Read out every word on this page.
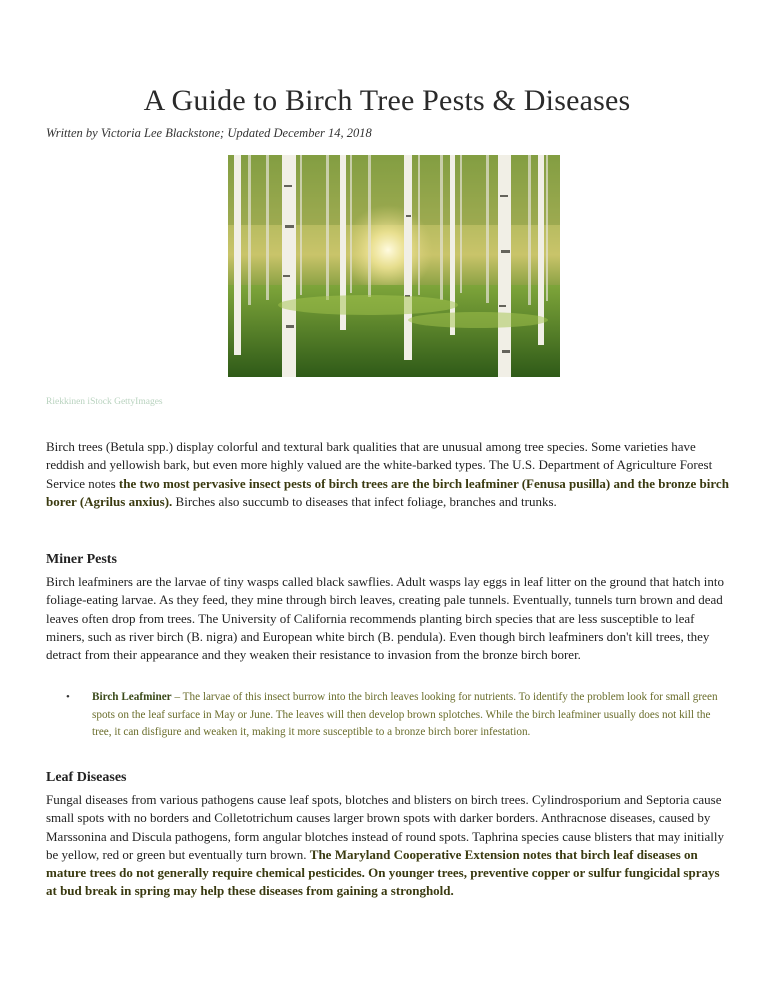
A Guide to Birch Tree Pests & Diseases
Written by Victoria Lee Blackstone; Updated December 14, 2018
Riekkinen iStock GettyImages

Birch trees (Betula spp.) display colorful and textural bark qualities that are unusual among tree species. Some varieties have reddish and yellowish bark, but even more highly valued are the white-barked types. The U.S. Department of Agriculture Forest Service notes the two most pervasive insect pests of birch trees are the birch leafminer (Fenusa pusilla) and the bronze birch borer (Agrilus anxius). Birches also succumb to diseases that infect foliage, branches and trunks.

Miner Pests

Birch leafminers are the larvae of tiny wasps called black sawflies. Adult wasps lay eggs in leaf litter on the ground that hatch into foliage-eating larvae. As they feed, they mine through birch leaves, creating pale tunnels. Eventually, tunnels turn brown and dead leaves often drop from trees. The University of California recommends planting birch species that are less susceptible to leaf miners, such as river birch (B. nigra) and European white birch (B. pendula). Even though birch leafminers don't kill trees, they detract from their appearance and they weaken their resistance to invasion from the bronze birch borer.

• Birch Leafminer – The larvae of this insect burrow into the birch leaves looking for nutrients. To identify the problem look for small green spots on the leaf surface in May or June. The leaves will then develop brown splotches. While the birch leafminer usually does not kill the tree, it can disfigure and weaken it, making it more susceptible to a bronze birch borer infestation.
Leaf Diseases

Fungal diseases from various pathogens cause leaf spots, blotches and blisters on birch trees. Cylindrosporium and Septoria cause small spots with no borders and Colletotrichum causes larger brown spots with darker borders. Anthracnose diseases, caused by Marssonina and Discula pathogens, form angular blotches instead of round spots. Taphrina species cause blisters that may initially be yellow, red or green but eventually turn brown. The Maryland Cooperative Extension notes that birch leaf diseases on mature trees do not generally require chemical pesticides. On younger trees, preventive copper or sulfur fungicidal sprays at bud break in spring may help these diseases from gaining a stronghold.
